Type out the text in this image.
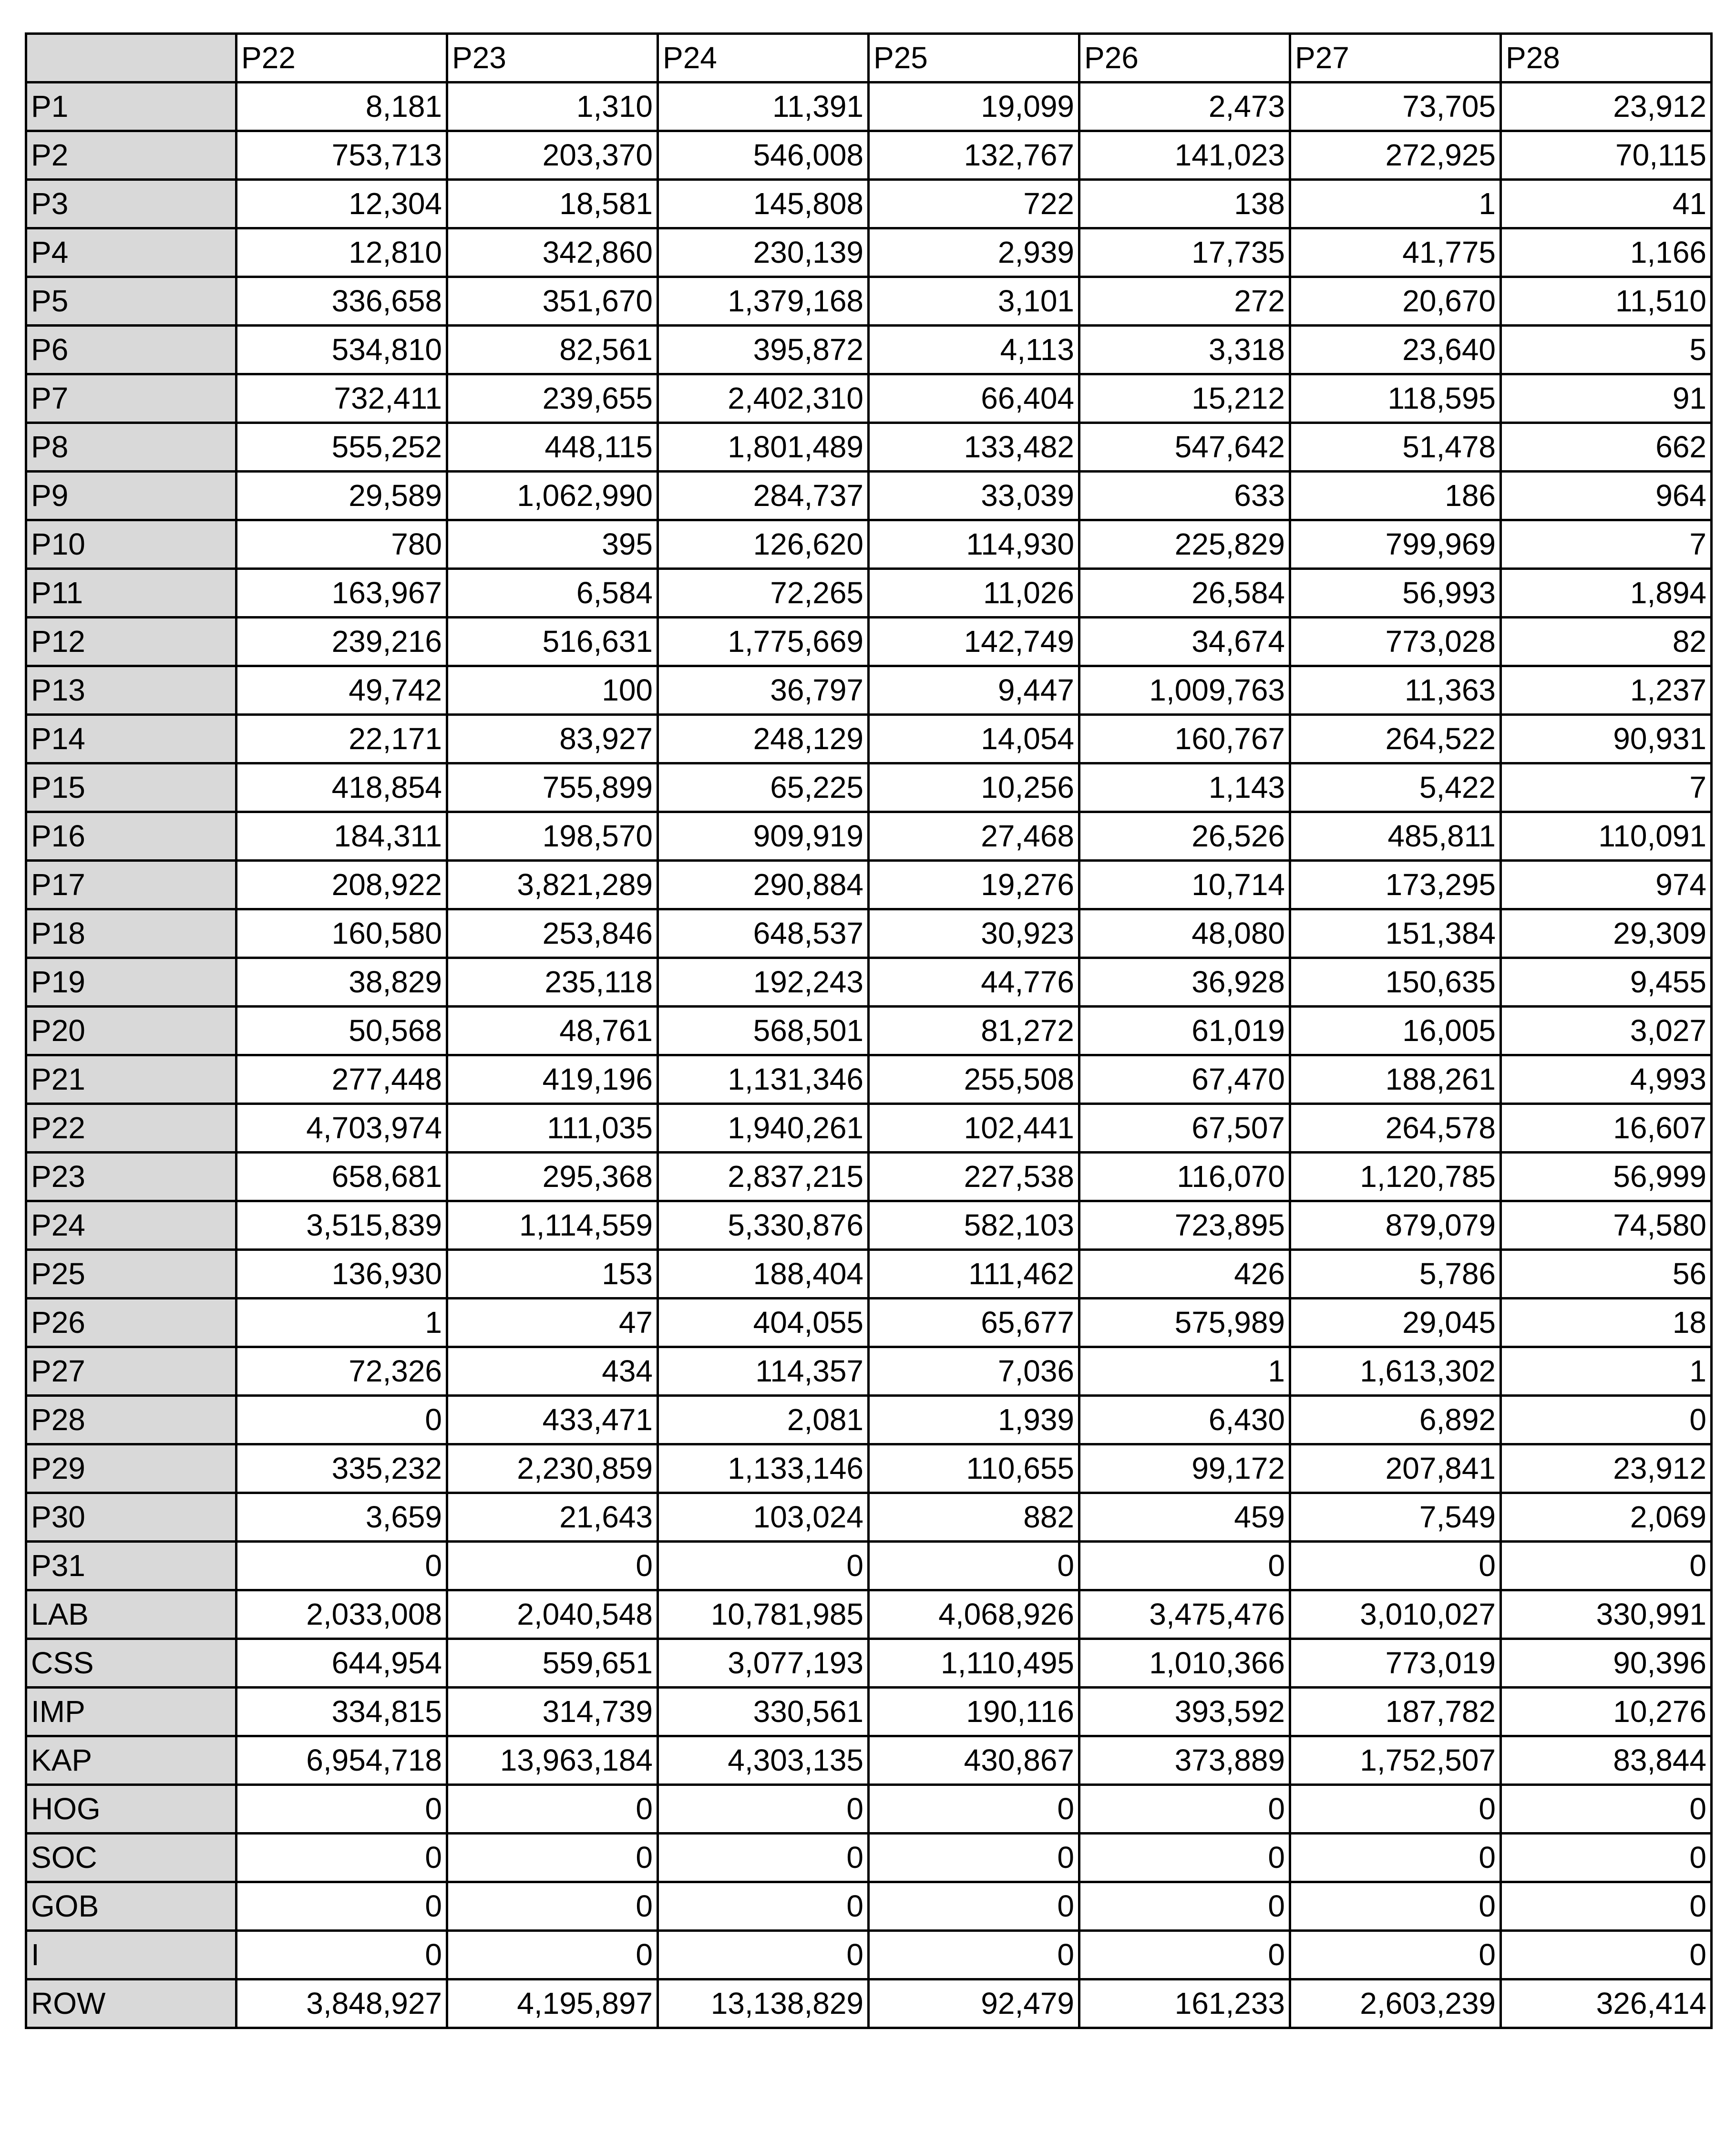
	P22	P23	P24	P25	P26	P27	P28
P1	8,181	1,310	11,391	19,099	2,473	73,705	23,912
P2	753,713	203,370	546,008	132,767	141,023	272,925	70,115
P3	12,304	18,581	145,808	722	138	1	41
P4	12,810	342,860	230,139	2,939	17,735	41,775	1,166
P5	336,658	351,670	1,379,168	3,101	272	20,670	11,510
P6	534,810	82,561	395,872	4,113	3,318	23,640	5
P7	732,411	239,655	2,402,310	66,404	15,212	118,595	91
P8	555,252	448,115	1,801,489	133,482	547,642	51,478	662
P9	29,589	1,062,990	284,737	33,039	633	186	964
P10	780	395	126,620	114,930	225,829	799,969	7
P11	163,967	6,584	72,265	11,026	26,584	56,993	1,894
P12	239,216	516,631	1,775,669	142,749	34,674	773,028	82
P13	49,742	100	36,797	9,447	1,009,763	11,363	1,237
P14	22,171	83,927	248,129	14,054	160,767	264,522	90,931
P15	418,854	755,899	65,225	10,256	1,143	5,422	7
P16	184,311	198,570	909,919	27,468	26,526	485,811	110,091
P17	208,922	3,821,289	290,884	19,276	10,714	173,295	974
P18	160,580	253,846	648,537	30,923	48,080	151,384	29,309
P19	38,829	235,118	192,243	44,776	36,928	150,635	9,455
P20	50,568	48,761	568,501	81,272	61,019	16,005	3,027
P21	277,448	419,196	1,131,346	255,508	67,470	188,261	4,993
P22	4,703,974	111,035	1,940,261	102,441	67,507	264,578	16,607
P23	658,681	295,368	2,837,215	227,538	116,070	1,120,785	56,999
P24	3,515,839	1,114,559	5,330,876	582,103	723,895	879,079	74,580
P25	136,930	153	188,404	111,462	426	5,786	56
P26	1	47	404,055	65,677	575,989	29,045	18
P27	72,326	434	114,357	7,036	1	1,613,302	1
P28	0	433,471	2,081	1,939	6,430	6,892	0
P29	335,232	2,230,859	1,133,146	110,655	99,172	207,841	23,912
P30	3,659	21,643	103,024	882	459	7,549	2,069
P31	0	0	0	0	0	0	0
LAB	2,033,008	2,040,548	10,781,985	4,068,926	3,475,476	3,010,027	330,991
CSS	644,954	559,651	3,077,193	1,110,495	1,010,366	773,019	90,396
IMP	334,815	314,739	330,561	190,116	393,592	187,782	10,276
KAP	6,954,718	13,963,184	4,303,135	430,867	373,889	1,752,507	83,844
HOG	0	0	0	0	0	0	0
SOC	0	0	0	0	0	0	0
GOB	0	0	0	0	0	0	0
I	0	0	0	0	0	0	0
ROW	3,848,927	4,195,897	13,138,829	92,479	161,233	2,603,239	326,414
